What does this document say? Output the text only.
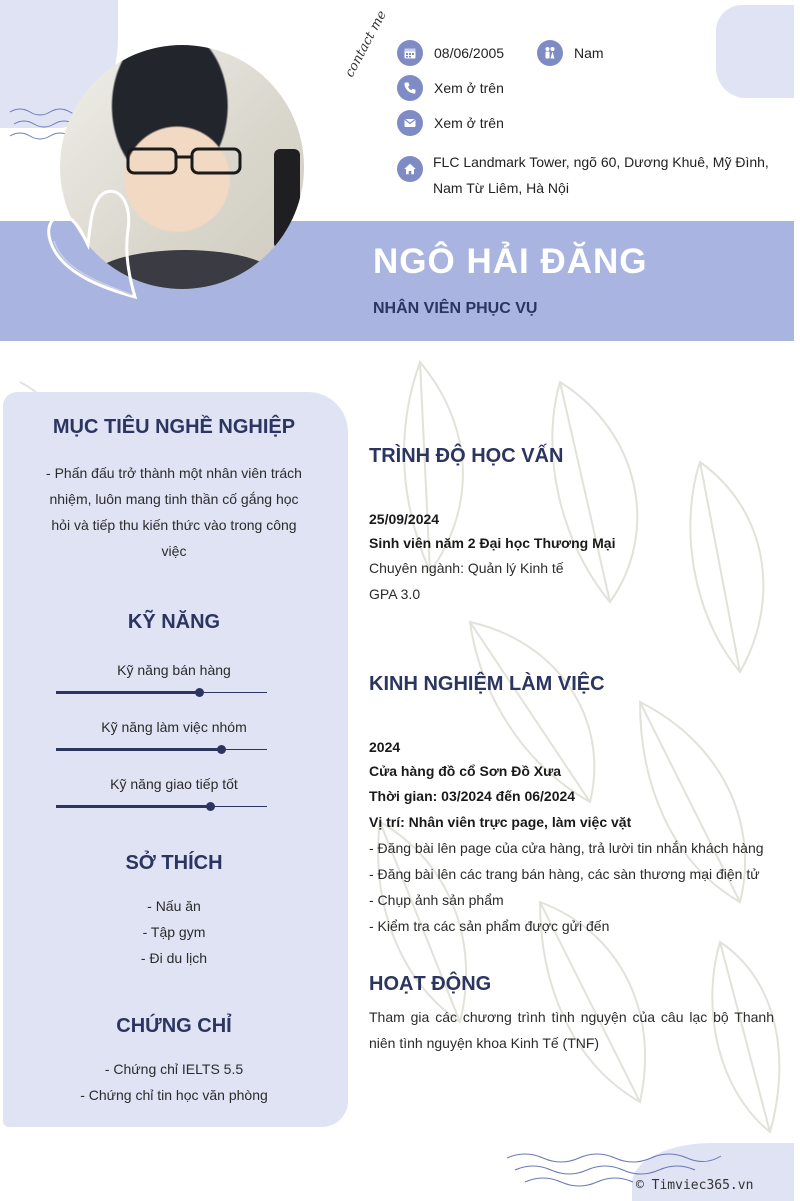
contact me	08/06/2005	Nam
Xem ở trên
Xem ở trên
FLC Landmark Tower, ngõ 60, Dương Khuê, Mỹ Đình, Nam Từ Liêm, Hà Nội
NGÔ HẢI ĐĂNG
NHÂN VIÊN PHỤC VỤ
MỤC TIÊU NGHỀ NGHIỆP
- Phấn đấu trở thành một nhân viên trách nhiệm, luôn mang tinh thần cố gắng học hỏi và tiếp thu kiến thức vào trong công việc
KỸ NĂNG
Kỹ năng bán hàng
Kỹ năng làm việc nhóm
Kỹ năng giao tiếp tốt
SỞ THÍCH
- Nấu ăn
- Tập gym
- Đi du lịch
CHỨNG CHỈ
- Chứng chỉ IELTS 5.5
- Chứng chỉ tin học văn phòng
TRÌNH ĐỘ HỌC VẤN
25/09/2024
Sinh viên năm 2 Đại học Thương Mại
Chuyên ngành: Quản lý Kinh tế
GPA 3.0
KINH NGHIỆM LÀM VIỆC
2024
Cửa hàng đồ cổ Sơn Đồ Xưa
Thời gian: 03/2024 đến 06/2024
Vị trí: Nhân viên trực page, làm việc vặt
- Đăng bài lên page của cửa hàng, trả lười tin nhắn khách hàng
- Đăng bài lên các trang bán hàng, các sàn thương mại điện tử
- Chụp ảnh sản phẩm
- Kiểm tra các sản phẩm được gửi đến
HOẠT ĐỘNG
Tham gia các chương trình tình nguyện của câu lạc bộ Thanh niên tình nguyện khoa Kinh Tế (TNF)
© Timviec365.vn
